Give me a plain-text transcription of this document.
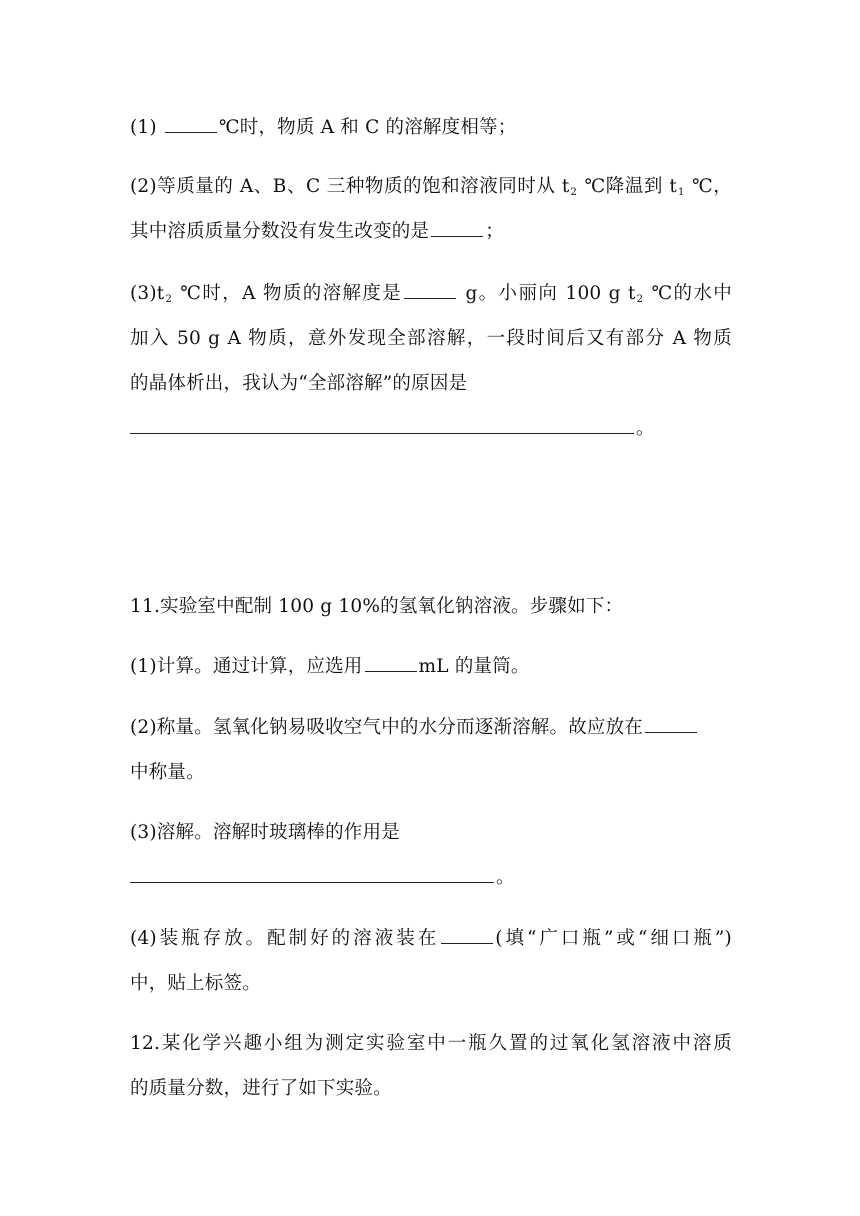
(1)	℃时，物质 A 和 C 的溶解度相等；
(2)等质量的 A、B、C 三种物质的饱和溶液同时从 $t_2$ ℃降温到 $t_1$ ℃，
其中溶质质量分数没有发生改变的是	；
$(3)t_2$ ℃时，A 物质的溶解度是	g。小丽向 100 g $t_2$ ℃的水中
加入 50 g A 物质，意外发现全部溶解，一段时间后又有部分 A 物质
的晶体析出，我认为“全部溶解”的原因是
。
11.实验室中配制 100 g 10%的氢氧化钠溶液。步骤如下：
(1)计算。通过计算，应选用	mL 的量筒。
(2)称量。氢氧化钠易吸收空气中的水分而逐渐溶解。故应放在
中称量。
(3)溶解。溶解时玻璃棒的作用是
。
(4)装瓶存放。配制好的溶液装在	(填“广口瓶”或“细口瓶”)
中，贴上标签。
12.某化学兴趣小组为测定实验室中一瓶久置的过氧化氢溶液中溶质
的质量分数，进行了如下实验。
